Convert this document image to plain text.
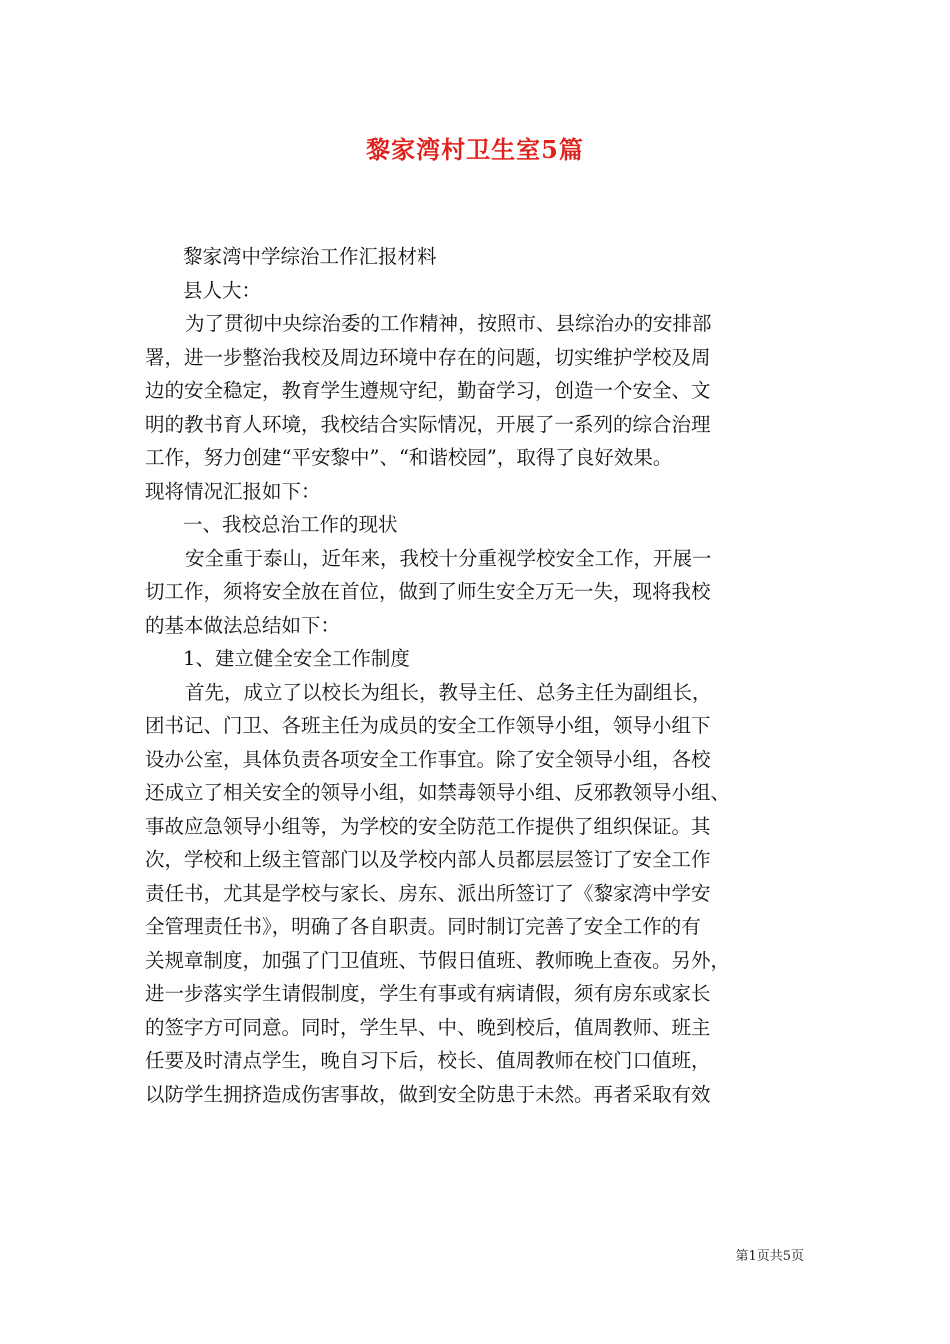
黎家湾村卫生室5篇
黎家湾中学综治工作汇报材料
县人大：
为了贯彻中央综治委的工作精神，按照市、县综治办的安排部
署，进一步整治我校及周边环境中存在的问题，切实维护学校及周
边的安全稳定，教育学生遵规守纪，勤奋学习，创造一个安全、文
明的教书育人环境，我校结合实际情况，开展了一系列的综合治理
工作，努力创建“平安黎中”、“和谐校园”，取得了良好效果。
现将情况汇报如下：
一、我校总治工作的现状
安全重于泰山，近年来，我校十分重视学校安全工作，开展一
切工作，须将安全放在首位，做到了师生安全万无一失，现将我校
的基本做法总结如下：
1、建立健全安全工作制度
首先，成立了以校长为组长，教导主任、总务主任为副组长，
团书记、门卫、各班主任为成员的安全工作领导小组，领导小组下
设办公室，具体负责各项安全工作事宜。除了安全领导小组，各校
还成立了相关安全的领导小组，如禁毒领导小组、反邪教领导小组、
事故应急领导小组等，为学校的安全防范工作提供了组织保证。其
次，学校和上级主管部门以及学校内部人员都层层签订了安全工作
责任书，尤其是学校与家长、房东、派出所签订了《黎家湾中学安
全管理责任书》，明确了各自职责。同时制订完善了安全工作的有
关规章制度，加强了门卫值班、节假日值班、教师晚上查夜。另外，
进一步落实学生请假制度，学生有事或有病请假，须有房东或家长
的签字方可同意。同时，学生早、中、晚到校后，值周教师、班主
任要及时清点学生，晚自习下后，校长、值周教师在校门口值班，
以防学生拥挤造成伤害事故，做到安全防患于未然。再者采取有效
第1页共5页
